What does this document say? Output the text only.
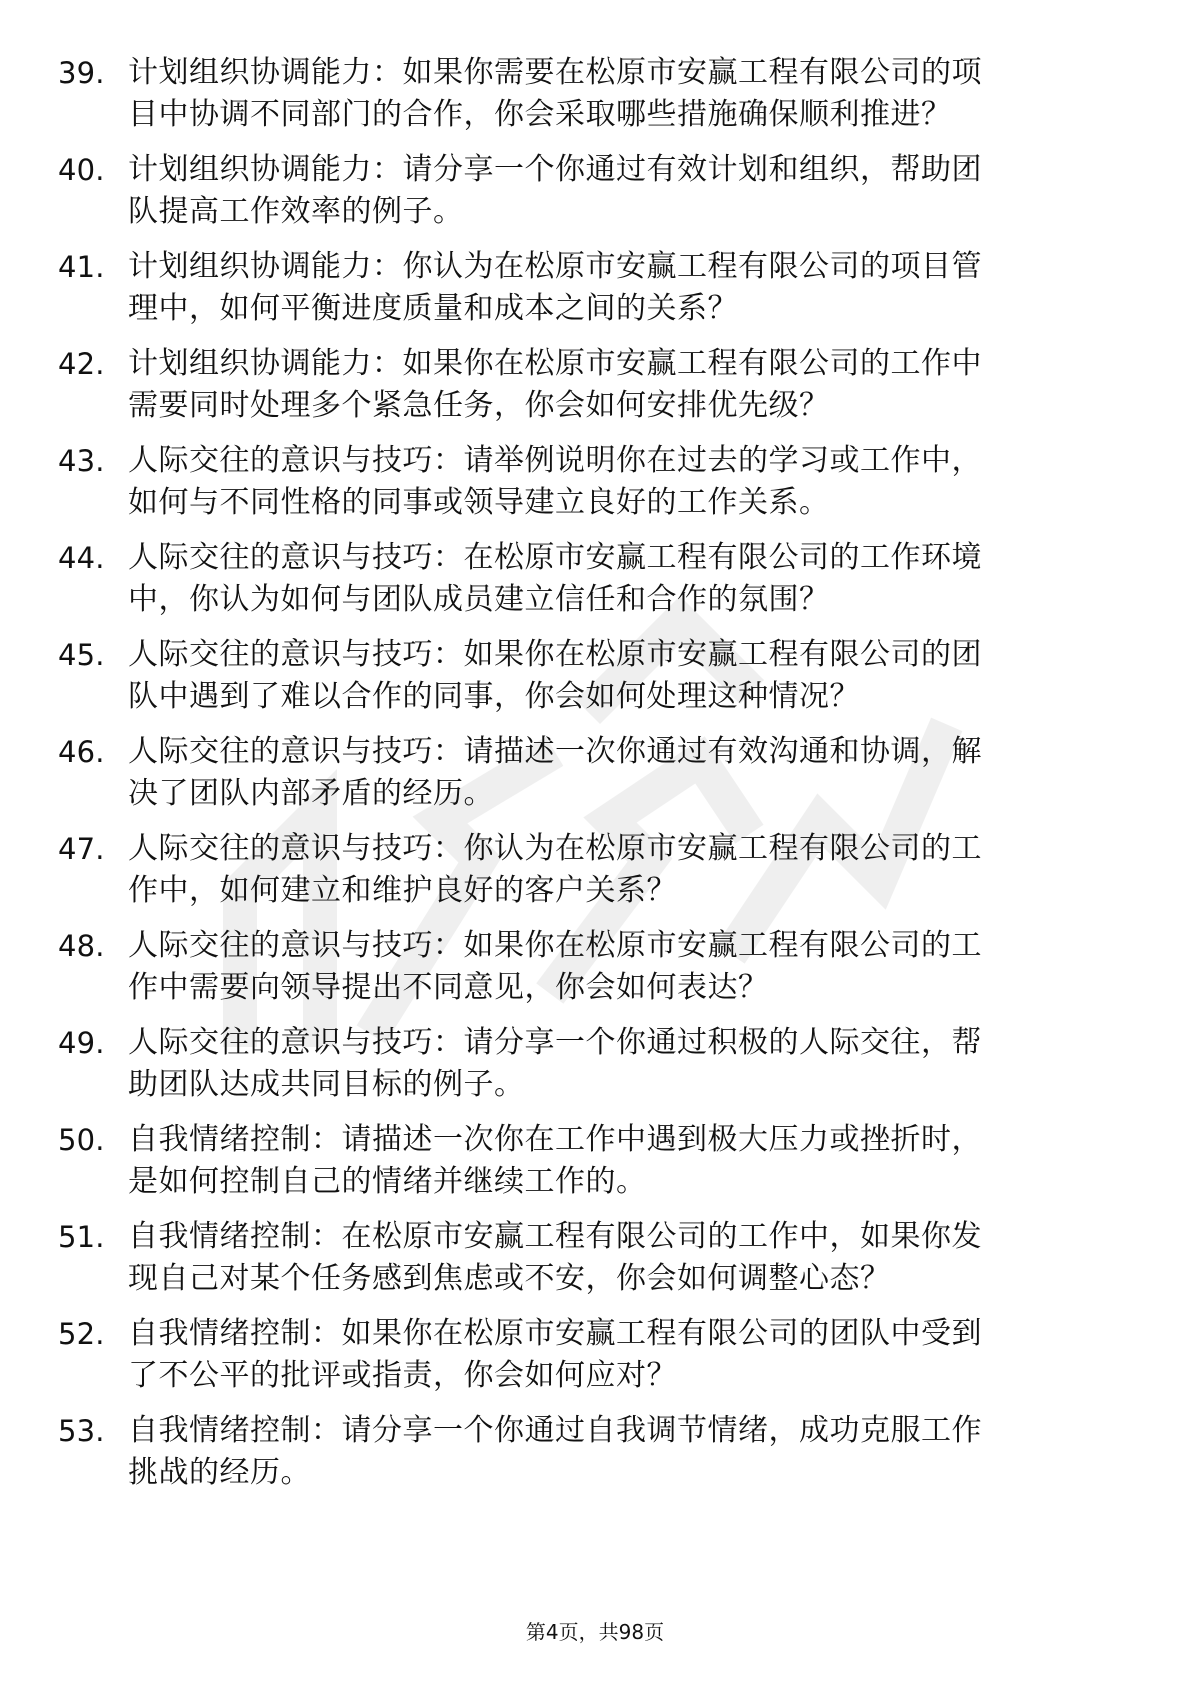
39. 计划组织协调能力：如果你需要在松原市安赢工程有限公司的项
目中协调不同部门的合作，你会采取哪些措施确保顺利推进？
40. 计划组织协调能力：请分享一个你通过有效计划和组织，帮助团
队提高工作效率的例子。
41. 计划组织协调能力：你认为在松原市安赢工程有限公司的项目管
理中，如何平衡进度质量和成本之间的关系？
42. 计划组织协调能力：如果你在松原市安赢工程有限公司的工作中
需要同时处理多个紧急任务，你会如何安排优先级？
43. 人际交往的意识与技巧：请举例说明你在过去的学习或工作中，
如何与不同性格的同事或领导建立良好的工作关系。
44. 人际交往的意识与技巧：在松原市安赢工程有限公司的工作环境
中，你认为如何与团队成员建立信任和合作的氛围？
45. 人际交往的意识与技巧：如果你在松原市安赢工程有限公司的团
队中遇到了难以合作的同事，你会如何处理这种情况？
46. 人际交往的意识与技巧：请描述一次你通过有效沟通和协调，解
决了团队内部矛盾的经历。
47. 人际交往的意识与技巧：你认为在松原市安赢工程有限公司的工
作中，如何建立和维护良好的客户关系？
48. 人际交往的意识与技巧：如果你在松原市安赢工程有限公司的工
作中需要向领导提出不同意见，你会如何表达？
49. 人际交往的意识与技巧：请分享一个你通过积极的人际交往，帮
助团队达成共同目标的例子。
50. 自我情绪控制：请描述一次你在工作中遇到极大压力或挫折时，
是如何控制自己的情绪并继续工作的。
51. 自我情绪控制：在松原市安赢工程有限公司的工作中，如果你发
现自己对某个任务感到焦虑或不安，你会如何调整心态？
52. 自我情绪控制：如果你在松原市安赢工程有限公司的团队中受到
了不公平的批评或指责，你会如何应对？
53. 自我情绪控制：请分享一个你通过自我调节情绪，成功克服工作
挑战的经历。
第4页，共98页
